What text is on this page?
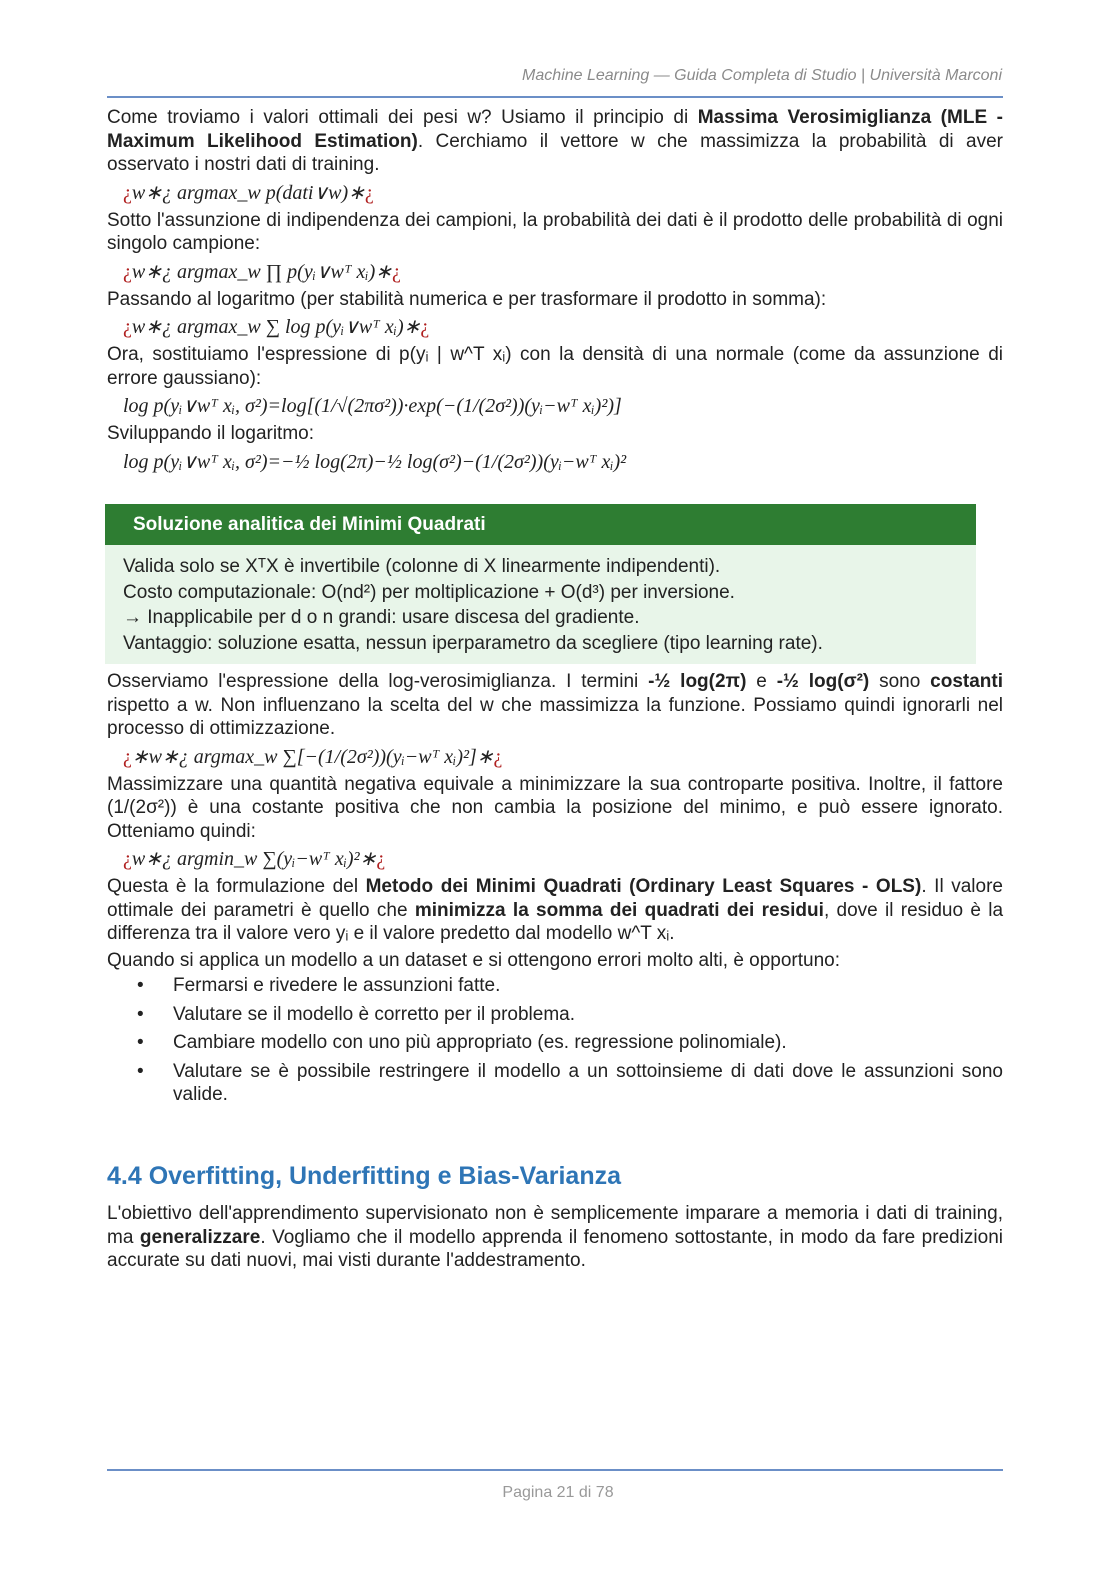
Machine Learning — Guida Completa di Studio | Università Marconi

Come troviamo i valori ottimali dei pesi w? Usiamo il principio di Massima Verosimiglianza (MLE - Maximum Likelihood Estimation). Cerchiamo il vettore w che massimizza la probabilità di aver osservato i nostri dati di training.

¿w∗¿ argmax_w p(dati∨w)∗¿

Sotto l'assunzione di indipendenza dei campioni, la probabilità dei dati è il prodotto delle probabilità di ogni singolo campione:

¿w∗¿ argmax_w ∏ p(yᵢ∨wᵀ xᵢ)∗¿

Passando al logaritmo (per stabilità numerica e per trasformare il prodotto in somma):

¿w∗¿ argmax_w ∑ log p(yᵢ∨wᵀ xᵢ)∗¿

Ora, sostituiamo l'espressione di p(yᵢ | w^T xᵢ) con la densità di una normale (come da assunzione di errore gaussiano):

log p(yᵢ∨wᵀ xᵢ, σ²)=log[(1/√(2πσ²))·exp(−(1/(2σ²))(yᵢ−wᵀ xᵢ)²)]

Sviluppando il logaritmo:

log p(yᵢ∨wᵀ xᵢ, σ²)=−½ log(2π)−½ log(σ²)−(1/(2σ²))(yᵢ−wᵀ xᵢ)²
Soluzione analitica dei Minimi Quadrati
Valida solo se XᵀX è invertibile (colonne di X linearmente indipendenti).
Costo computazionale: O(nd²) per moltiplicazione + O(d³) per inversione.
→ Inapplicabile per d o n grandi: usare discesa del gradiente.
Vantaggio: soluzione esatta, nessun iperparametro da scegliere (tipo learning rate).

Osserviamo l'espressione della log-verosimiglianza. I termini -½ log(2π) e -½ log(σ²) sono costanti rispetto a w. Non influenzano la scelta del w che massimizza la funzione. Possiamo quindi ignorarli nel processo di ottimizzazione.

¿∗w∗¿ argmax_w ∑[−(1/(2σ²))(yᵢ−wᵀ xᵢ)²]∗¿

Massimizzare una quantità negativa equivale a minimizzare la sua controparte positiva. Inoltre, il fattore (1/(2σ²)) è una costante positiva che non cambia la posizione del minimo, e può essere ignorato. Otteniamo quindi:

¿w∗¿ argmin_w ∑(yᵢ−wᵀ xᵢ)²∗¿

Questa è la formulazione del Metodo dei Minimi Quadrati (Ordinary Least Squares - OLS). Il valore ottimale dei parametri è quello che minimizza la somma dei quadrati dei residui, dove il residuo è la differenza tra il valore vero yᵢ e il valore predetto dal modello w^T xᵢ.

Quando si applica un modello a un dataset e si ottengono errori molto alti, è opportuno:

• Fermarsi e rivedere le assunzioni fatte.
• Valutare se il modello è corretto per il problema.
• Cambiare modello con uno più appropriato (es. regressione polinomiale).
• Valutare se è possibile restringere il modello a un sottoinsieme di dati dove le assunzioni sono valide.
4.4 Overfitting, Underfitting e Bias-Varianza

L'obiettivo dell'apprendimento supervisionato non è semplicemente imparare a memoria i dati di training, ma generalizzare. Vogliamo che il modello apprenda il fenomeno sottostante, in modo da fare predizioni accurate su dati nuovi, mai visti durante l'addestramento.

Pagina 21 di 78
